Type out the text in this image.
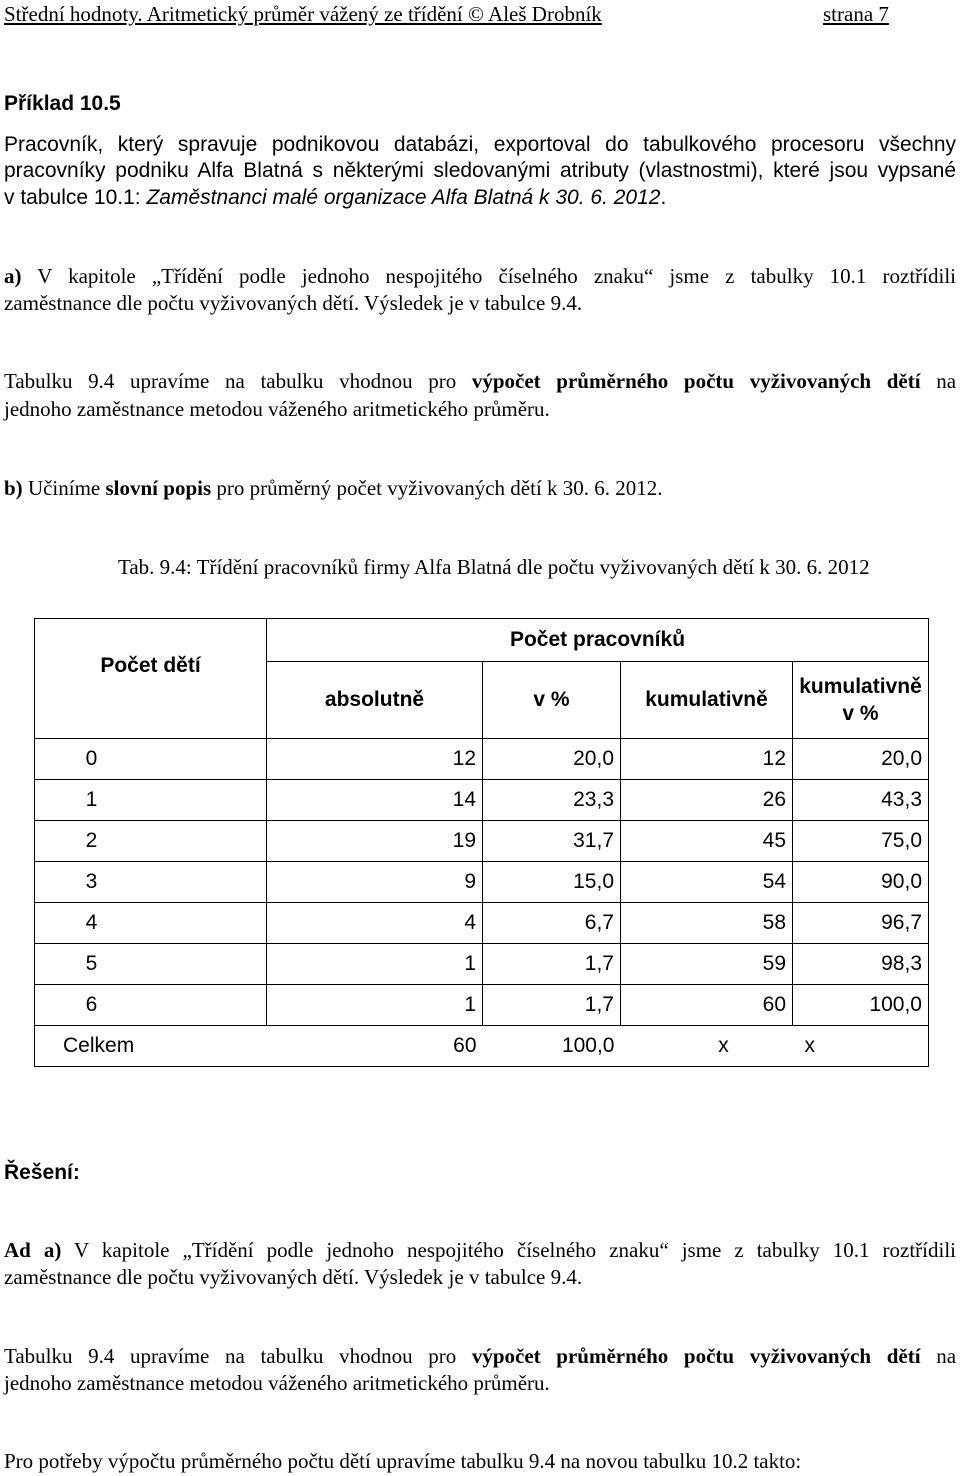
Střední hodnoty. Aritmetický průměr vážený ze třídění © Aleš Drobník	strana 7
Příklad 10.5
Pracovník, který spravuje podnikovou databázi, exportoval do tabulkového procesoru všechny
pracovníky podniku Alfa Blatná s některými sledovanými atributy (vlastnostmi), které jsou vypsané
v tabulce 10.1: Zaměstnanci malé organizace Alfa Blatná k 30. 6. 2012.
a) V kapitole „Třídění podle jednoho nespojitého číselného znaku“ jsme z tabulky 10.1 roztřídili
zaměstnance dle počtu vyživovaných dětí. Výsledek je v tabulce 9.4.
Tabulku 9.4 upravíme na tabulku vhodnou pro výpočet průměrného počtu vyživovaných dětí na
jednoho zaměstnance metodou váženého aritmetického průměru.
b) Učiníme slovní popis pro průměrný počet vyživovaných dětí k 30. 6. 2012.
Tab. 9.4: Třídění pracovníků firmy Alfa Blatná dle počtu vyživovaných dětí k 30. 6. 2012
Počet dětí	Počet pracovníků			
	absolutně	v %	kumulativně	kumulativně
v %
0	12	20,0	12	20,0
1	14	23,3	26	43,3
2	19	31,7	45	75,0
3	9	15,0	54	90,0
4	4	6,7	58	96,7
5	1	1,7	59	98,3
6	1	1,7	60	100,0
Celkem	60	100,0	x	x
Řešení:
Ad a) V kapitole „Třídění podle jednoho nespojitého číselného znaku“ jsme z tabulky 10.1 roztřídili
zaměstnance dle počtu vyživovaných dětí. Výsledek je v tabulce 9.4.
Tabulku 9.4 upravíme na tabulku vhodnou pro výpočet průměrného počtu vyživovaných dětí na
jednoho zaměstnance metodou váženého aritmetického průměru.
Pro potřeby výpočtu průměrného počtu dětí upravíme tabulku 9.4 na novou tabulku 10.2 takto:
